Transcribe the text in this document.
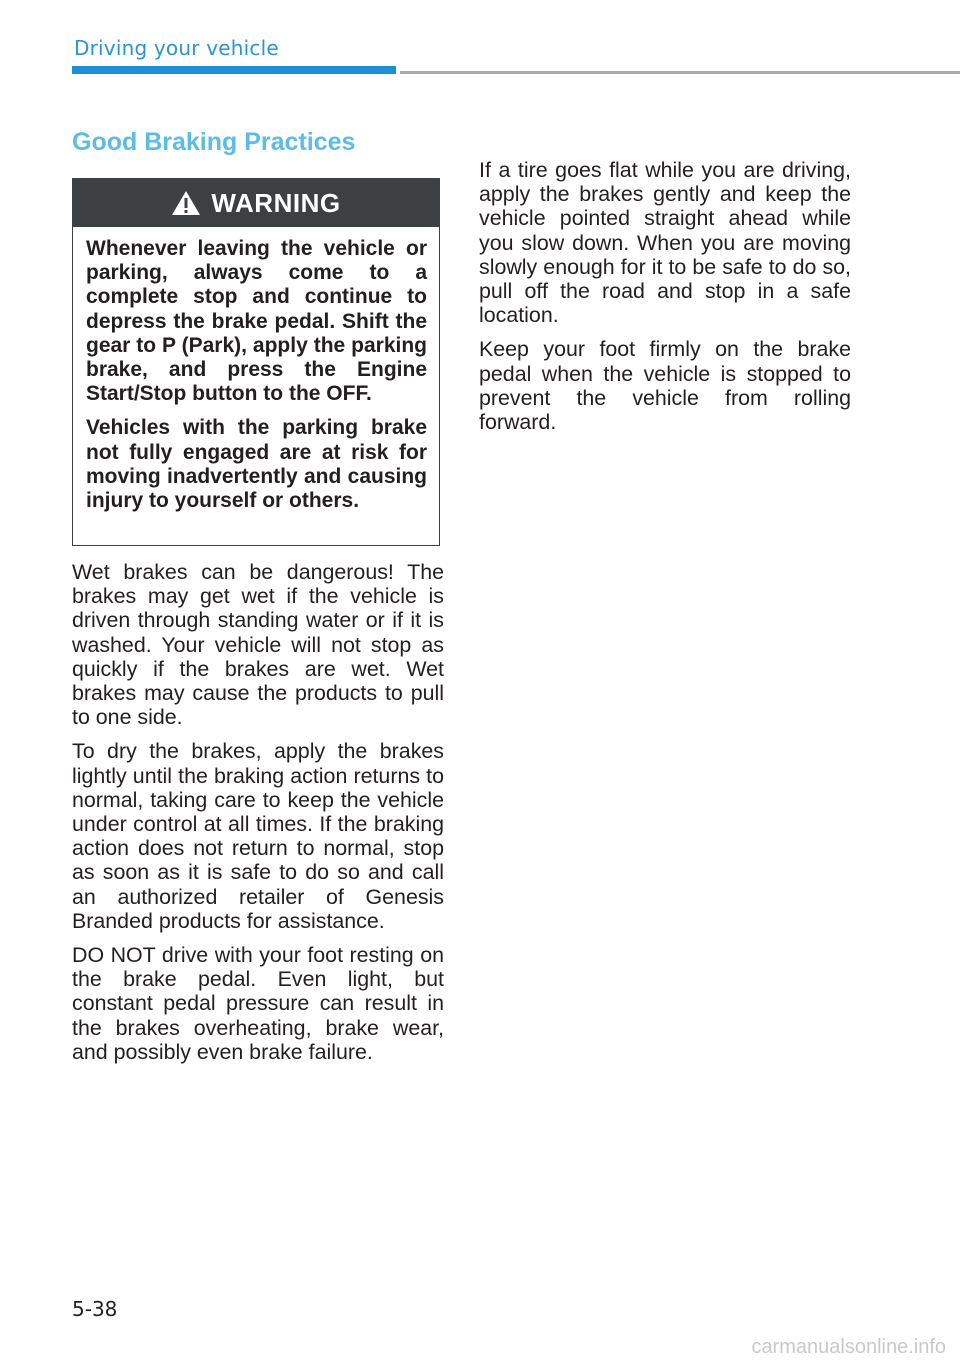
Driving your vehicle
Good Braking Practices
WARNING

Whenever leaving the vehicle or parking, always come to a complete stop and continue to depress the brake pedal. Shift the gear to P (Park), apply the parking brake, and press the Engine Start/Stop button to the OFF.

Vehicles with the parking brake not fully engaged are at risk for moving inadvertently and causing injury to yourself or others.

Wet brakes can be dangerous! The brakes may get wet if the vehicle is driven through standing water or if it is washed. Your vehicle will not stop as quickly if the brakes are wet. Wet brakes may cause the products to pull to one side.

To dry the brakes, apply the brakes lightly until the braking action returns to normal, taking care to keep the vehicle under control at all times. If the braking action does not return to normal, stop as soon as it is safe to do so and call an authorized retailer of Genesis Branded products for assistance.

DO NOT drive with your foot resting on the brake pedal. Even light, but constant pedal pressure can result in the brakes overheating, brake wear, and possibly even brake failure.

If a tire goes flat while you are driving, apply the brakes gently and keep the vehicle pointed straight ahead while you slow down. When you are moving slowly enough for it to be safe to do so, pull off the road and stop in a safe location.

Keep your foot firmly on the brake pedal when the vehicle is stopped to prevent the vehicle from rolling forward.

5-38
carmanualsonline.info
